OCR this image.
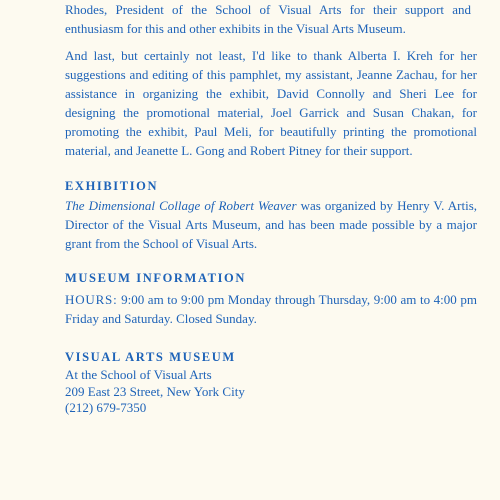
Rhodes, President of the School of Visual Arts for their support and enthusiasm for this and other exhibits in the Visual Arts Museum.

And last, but certainly not least, I'd like to thank Alberta I. Kreh for her suggestions and editing of this pamphlet, my assistant, Jeanne Zachau, for her assistance in organizing the exhibit, David Connolly and Sheri Lee for designing the promotional material, Joel Garrick and Susan Chakan, for promoting the exhibit, Paul Meli, for beautifully printing the promotional material, and Jeanette L. Gong and Robert Pitney for their support.

EXHIBITION

The Dimensional Collage of Robert Weaver was organized by Henry V. Artis, Director of the Visual Arts Museum, and has been made possible by a major grant from the School of Visual Arts.

MUSEUM INFORMATION

HOURS: 9:00 am to 9:00 pm Monday through Thursday, 9:00 am to 4:00 pm Friday and Saturday. Closed Sunday.

VISUAL ARTS MUSEUM
At the School of Visual Arts
209 East 23 Street, New York City
(212) 679-7350
